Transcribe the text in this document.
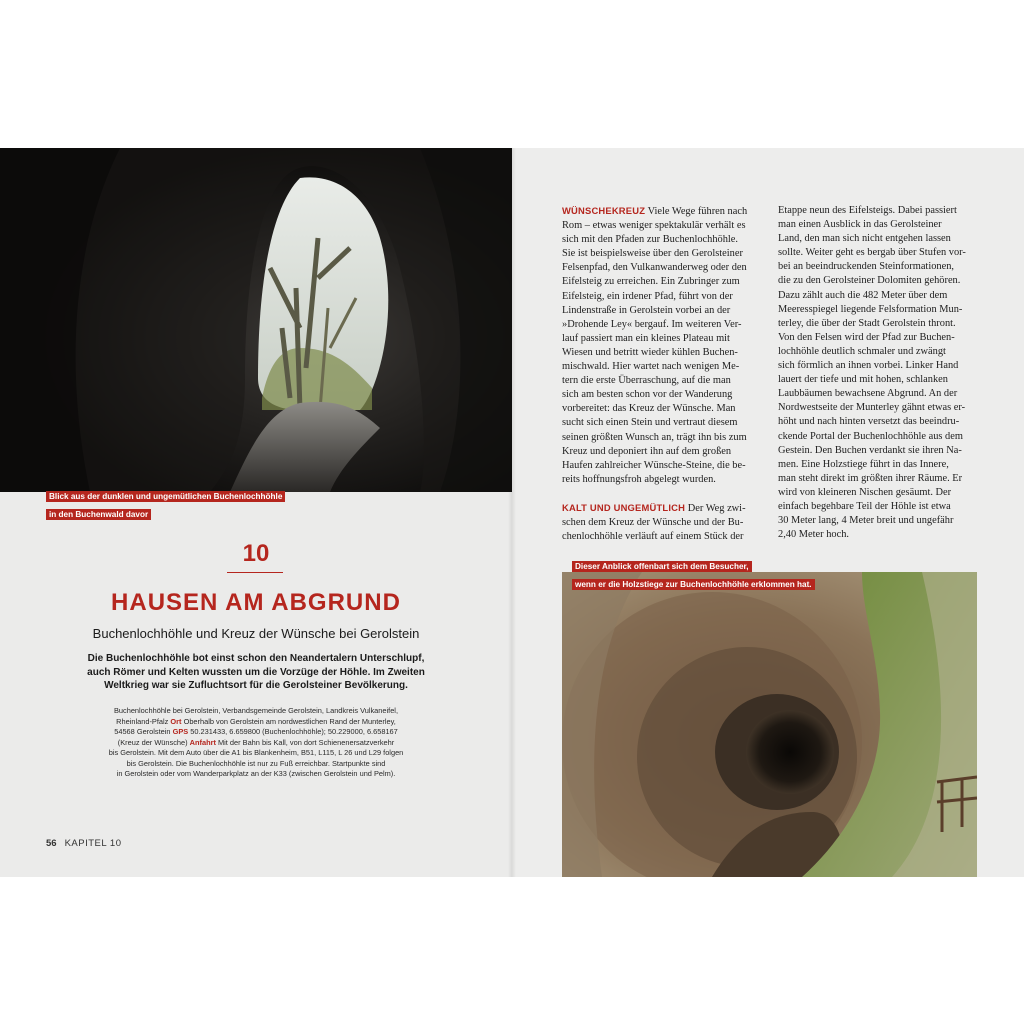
Blick aus der dunklen und ungemütlichen Buchenlochhöhle
in den Buchenwald davor
10
HAUSEN AM ABGRUND
Buchenlochhöhle und Kreuz der Wünsche bei Gerolstein
Die Buchenlochhöhle bot einst schon den Neandertalern Unterschlupf,
auch Römer und Kelten wussten um die Vorzüge der Höhle. Im Zweiten
Weltkrieg war sie Zufluchtsort für die Gerolsteiner Bevölkerung.
Buchenlochhöhle bei Gerolstein, Verbandsgemeinde Gerolstein, Landkreis Vulkaneifel,
Rheinland-Pfalz Ort Oberhalb von Gerolstein am nordwestlichen Rand der Munterley,
54568 Gerolstein GPS 50.231433, 6.659800 (Buchenlochhöhle); 50.229000, 6.658167
(Kreuz der Wünsche) Anfahrt Mit der Bahn bis Kall, von dort Schienenersatzverkehr
bis Gerolstein. Mit dem Auto über die A1 bis Blankenheim, B51, L115, L 26 und L29 folgen
bis Gerolstein. Die Buchenlochhöhle ist nur zu Fuß erreichbar. Startpunkte sind
in Gerolstein oder vom Wanderparkplatz an der K33 (zwischen Gerolstein und Pelm).
56 KAPITEL 10

WÜNSCHEKREUZ Viele Wege führen nach
Rom – etwas weniger spektakulär verhält es
sich mit den Pfaden zur Buchenlochhöhle.
Sie ist beispielsweise über den Gerolsteiner
Felsenpfad, den Vulkanwanderweg oder den
Eifelsteig zu erreichen. Ein Zubringer zum
Eifelsteig, ein irdener Pfad, führt von der
Lindenstraße in Gerolstein vorbei an der
»Drohende Ley« bergauf. Im weiteren Ver-
lauf passiert man ein kleines Plateau mit
Wiesen und betritt wieder kühlen Buchen-
mischwald. Hier wartet nach wenigen Me-
tern die erste Überraschung, auf die man
sich am besten schon vor der Wanderung
vorbereitet: das Kreuz der Wünsche. Man
sucht sich einen Stein und vertraut diesem
seinen größten Wunsch an, trägt ihn bis zum
Kreuz und deponiert ihn auf dem großen
Haufen zahlreicher Wünsche-Steine, die be-
reits hoffnungsfroh abgelegt wurden.

KALT UND UNGEMÜTLICH Der Weg zwi-
schen dem Kreuz der Wünsche und der Bu-
chenlochhöhle verläuft auf einem Stück der

Etappe neun des Eifelsteigs. Dabei passiert
man einen Ausblick in das Gerolsteiner
Land, den man sich nicht entgehen lassen
sollte. Weiter geht es bergab über Stufen vor-
bei an beeindruckenden Steinformationen,
die zu den Gerolsteiner Dolomiten gehören.
Dazu zählt auch die 482 Meter über dem
Meeresspiegel liegende Felsformation Mun-
terley, die über der Stadt Gerolstein thront.
Von den Felsen wird der Pfad zur Buchen-
lochhöhle deutlich schmaler und zwängt
sich förmlich an ihnen vorbei. Linker Hand
lauert der tiefe und mit hohen, schlanken
Laubbäumen bewachsene Abgrund. An der
Nordwestseite der Munterley gähnt etwas er-
höht und nach hinten versetzt das beeindru-
ckende Portal der Buchenlochhöhle aus dem
Gestein. Den Buchen verdankt sie ihren Na-
men. Eine Holzstiege führt in das Innere,
man steht direkt im größten ihrer Räume. Er
wird von kleineren Nischen gesäumt. Der
einfach begehbare Teil der Höhle ist etwa
30 Meter lang, 4 Meter breit und ungefähr
2,40 Meter hoch.

Dieser Anblick offenbart sich dem Besucher,
wenn er die Holzstiege zur Buchenlochhöhle erklommen hat.
